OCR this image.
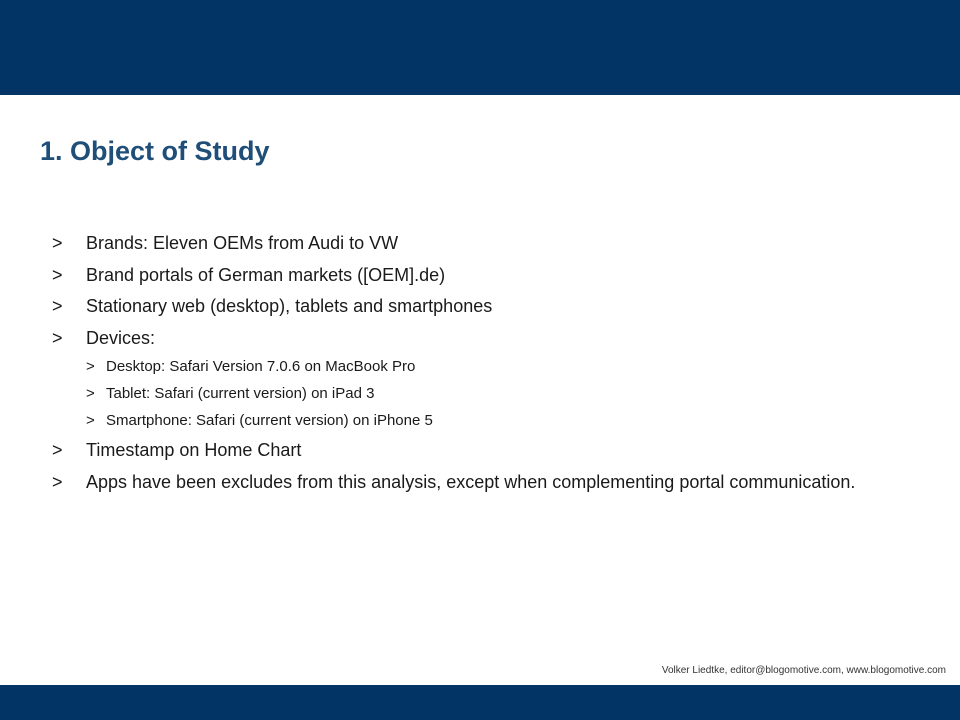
1. Object of Study
> Brands: Eleven OEMs from Audi to VW
> Brand portals of German markets ([OEM].de)
> Stationary web (desktop), tablets and smartphones
> Devices:
> Desktop: Safari Version 7.0.6 on MacBook Pro
> Tablet: Safari (current version) on iPad 3
> Smartphone: Safari (current version) on iPhone 5
> Timestamp on Home Chart
> Apps have been excludes from this analysis, except when complementing portal communication.
Volker Liedtke, editor@blogomotive.com, www.blogomotive.com
